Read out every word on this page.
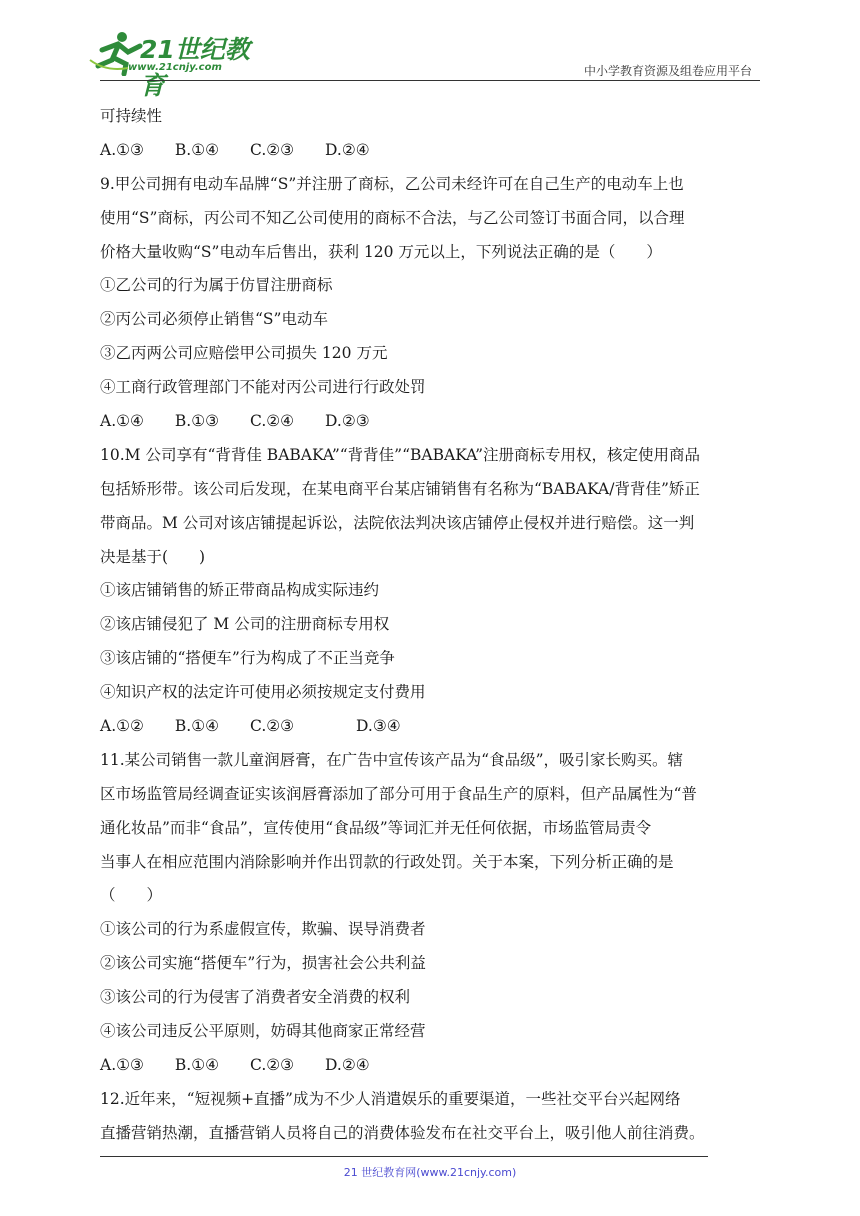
21世纪教育
www.21cnjy.com	中小学教育资源及组卷应用平台
可持续性
A.①③　　B.①④　　C.②③　　D.②④
9.甲公司拥有电动车品牌“S”并注册了商标，乙公司未经许可在自己生产的电动车上也
使用“S”商标，丙公司不知乙公司使用的商标不合法，与乙公司签订书面合同，以合理
价格大量收购“S”电动车后售出，获利 120 万元以上，下列说法正确的是（　　）
①乙公司的行为属于仿冒注册商标
②丙公司必须停止销售“S”电动车
③乙丙两公司应赔偿甲公司损失 120 万元
④工商行政管理部门不能对丙公司进行行政处罚
A.①④　　B.①③　　C.②④　　D.②③
10.M 公司享有“背背佳 BABAKA”“背背佳”“BABAKA”注册商标专用权，核定使用商品
包括矫形带。该公司后发现，在某电商平台某店铺销售有名称为“BABAKA/背背佳”矫正
带商品。M 公司对该店铺提起诉讼，法院依法判决该店铺停止侵权并进行赔偿。这一判
决是基于(　　)
①该店铺销售的矫正带商品构成实际违约
②该店铺侵犯了 M 公司的注册商标专用权
③该店铺的“搭便车”行为构成了不正当竞争
④知识产权的法定许可使用必须按规定支付费用
A.①②　　B.①④　　C.②③　　　　D.③④
11.某公司销售一款儿童润唇膏，在广告中宣传该产品为“食品级”，吸引家长购买。辖
区市场监管局经调查证实该润唇膏添加了部分可用于食品生产的原料，但产品属性为“普
通化妆品”而非“食品”，宣传使用“食品级”等词汇并无任何依据，市场监管局责令
当事人在相应范围内消除影响并作出罚款的行政处罚。关于本案，下列分析正确的是
（　　）
①该公司的行为系虚假宣传，欺骗、误导消费者
②该公司实施“搭便车”行为，损害社会公共利益
③该公司的行为侵害了消费者安全消费的权利
④该公司违反公平原则，妨碍其他商家正常经营
A.①③　　B.①④　　C.②③　　D.②④
12.近年来，“短视频+直播”成为不少人消遣娱乐的重要渠道，一些社交平台兴起网络
直播营销热潮，直播营销人员将自己的消费体验发布在社交平台上，吸引他人前往消费。
21 世纪教育网(www.21cnjy.com)
